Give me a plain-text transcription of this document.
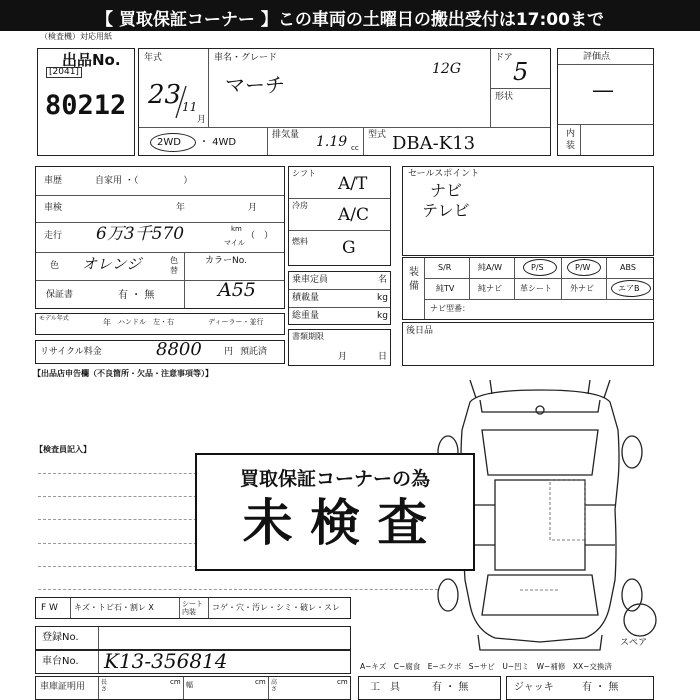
【 買取保証コーナー 】この車両の土曜日の搬出受付は17:00まで
（検査機）対応用紙
出品No.
[2041]
80212
年式
23 11
月
車名・グレード
マーチ
12G
ドア 5
形状
2WD ・ 4WD
排気量 1.19 cc
型式 DBA-K13
評価点
—
内装
車歴	自家用 ・（　　　　　）
車検	年	月
走行 6万3千570	km
マイル
（　）
色 オレンジ	色替
カラーNo.
A55
保証書	有 ・ 無
モデル年式	年 ハンドル　左・右	ディーラー・並行
リサイクル料金	8800 円 預託済
シフト
A/T
冷房 A/C
燃料 G
乗車定員	名
積載量	kg
総重量	kg
書類期限
月	日
セールスポイント
ナビ
テレビ
装備
S/R	純A/W	P/S	P/W	ABS
純TV	純ナビ 革シート 外ナビ	エアB
ナビ型番：
後日品
【出品店申告欄（不良箇所・欠品・注意事項等）】
【検査員記入】
スペア
買取保証コーナーの為
未 検 査
F W キズ・トビ石・割レ X	シート内装	コゲ・穴・汚レ・シミ・破レ・スレ
登録No.
車台No. K13-356814
車庫証明用	長さ
cm 幅	cm 高さ
cm
A−キズ　C−腐食　E−エクボ　S−サビ　U−凹ミ　W−補修　XX−交換済
工　具	有 ・ 無	ジャッキ	有 ・ 無
